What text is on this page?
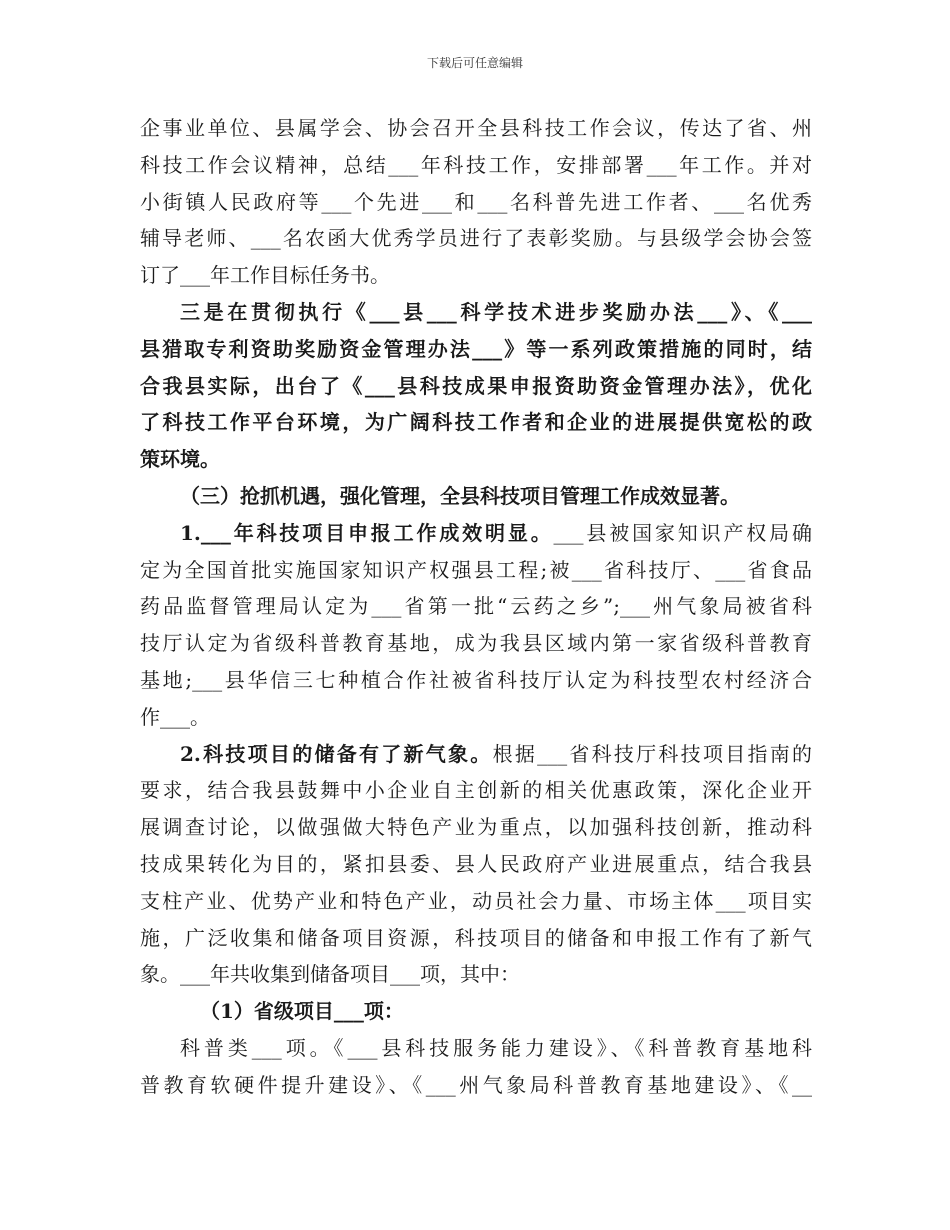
下载后可任意编辑
企事业单位、县属学会、协会召开全县科技工作会议，传达了省、州
科技工作会议精神，总结___年科技工作，安排部署___年工作。并对
小街镇人民政府等___个先进___和___名科普先进工作者、___名优秀
辅导老师、___名农函大优秀学员进行了表彰奖励。与县级学会协会签
订了___年工作目标任务书。
三是在贯彻执行《___县___科学技术进步奖励办法___》、《___
县猎取专利资助奖励资金管理办法___》等一系列政策措施的同时，结
合我县实际，出台了《___县科技成果申报资助资金管理办法》，优化
了科技工作平台环境，为广阔科技工作者和企业的进展提供宽松的政
策环境。
（三）抢抓机遇，强化管理，全县科技项目管理工作成效显著。
1.___年科技项目申报工作成效明显。___县被国家知识产权局确
定为全国首批实施国家知识产权强县工程;被___省科技厅、___省食品
药品监督管理局认定为___省第一批“云药之乡”;___州气象局被省科
技厅认定为省级科普教育基地，成为我县区域内第一家省级科普教育
基地;___县华信三七种植合作社被省科技厅认定为科技型农村经济合
作___。
2.科技项目的储备有了新气象。根据___省科技厅科技项目指南的
要求，结合我县鼓舞中小企业自主创新的相关优惠政策，深化企业开
展调查讨论，以做强做大特色产业为重点，以加强科技创新，推动科
技成果转化为目的，紧扣县委、县人民政府产业进展重点，结合我县
支柱产业、优势产业和特色产业，动员社会力量、市场主体___项目实
施，广泛收集和储备项目资源，科技项目的储备和申报工作有了新气
象。___年共收集到储备项目___项，其中：
（1）省级项目___项：
科普类___项。《___县科技服务能力建设》、《科普教育基地科
普教育软硬件提升建设》、《___州气象局科普教育基地建设》、《__
